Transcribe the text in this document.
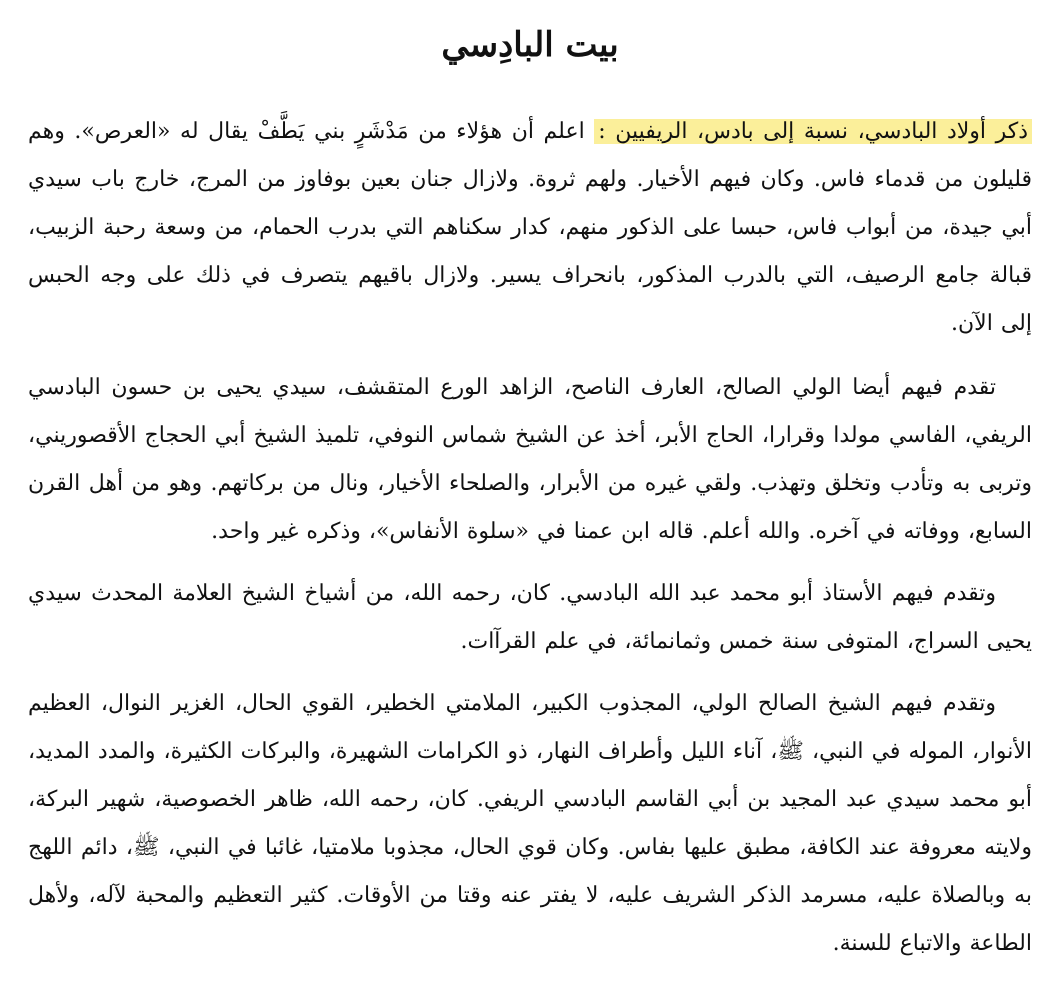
بيت البادِسي

ذكر أولاد البادسي، نسبة إلى بادس، الريفيين : اعلم أن هؤلاء من مَدْشَرٍ بني يَطَّفْ يقال له «العرص». وهم قليلون من قدماء فاس. وكان فيهم الأخيار. ولهم ثروة. ولازال جنان بعين بوفاوز من المرج، خارج باب سيدي أبي جيدة، من أبواب فاس، حبسا على الذكور منهم، كدار سكناهم التي بدرب الحمام، من وسعة رحبة الزبيب، قبالة جامع الرصيف، التي بالدرب المذكور، بانحراف يسير. ولازال باقيهم يتصرف في ذلك على وجه الحبس إلى الآن.

تقدم فيهم أيضا الولي الصالح، العارف الناصح، الزاهد الورع المتقشف، سيدي يحيى بن حسون البادسي الريفي، الفاسي مولدا وقرارا، الحاج الأبر، أخذ عن الشيخ شماس النوفي، تلميذ الشيخ أبي الحجاج الأقصوريني، وتربى به وتأدب وتخلق وتهذب. ولقي غيره من الأبرار، والصلحاء الأخيار، ونال من بركاتهم. وهو من أهل القرن السابع، ووفاته في آخره. والله أعلم. قاله ابن عمنا في «سلوة الأنفاس»، وذكره غير واحد.

وتقدم فيهم الأستاذ أبو محمد عبد الله البادسي. كان، رحمه الله، من أشياخ الشيخ العلامة المحدث سيدي يحيى السراج، المتوفى سنة خمس وثمانمائة، في علم القرآات.

وتقدم فيهم الشيخ الصالح الولي، المجذوب الكبير، الملامتي الخطير، القوي الحال، الغزير النوال، العظيم الأنوار، الموله في النبي، ﷺ، آناء الليل وأطراف النهار، ذو الكرامات الشهيرة، والبركات الكثيرة، والمدد المديد، أبو محمد سيدي عبد المجيد بن أبي القاسم البادسي الريفي. كان، رحمه الله، ظاهر الخصوصية، شهير البركة، ولايته معروفة عند الكافة، مطبق عليها بفاس. وكان قوي الحال، مجذوبا ملامتيا، غائبا في النبي، ﷺ، دائم اللهج به وبالصلاة عليه، مسرمد الذكر الشريف عليه، لا يفتر عنه وقتا من الأوقات. كثير التعظيم والمحبة لآله، ولأهل الطاعة والاتباع للسنة.
